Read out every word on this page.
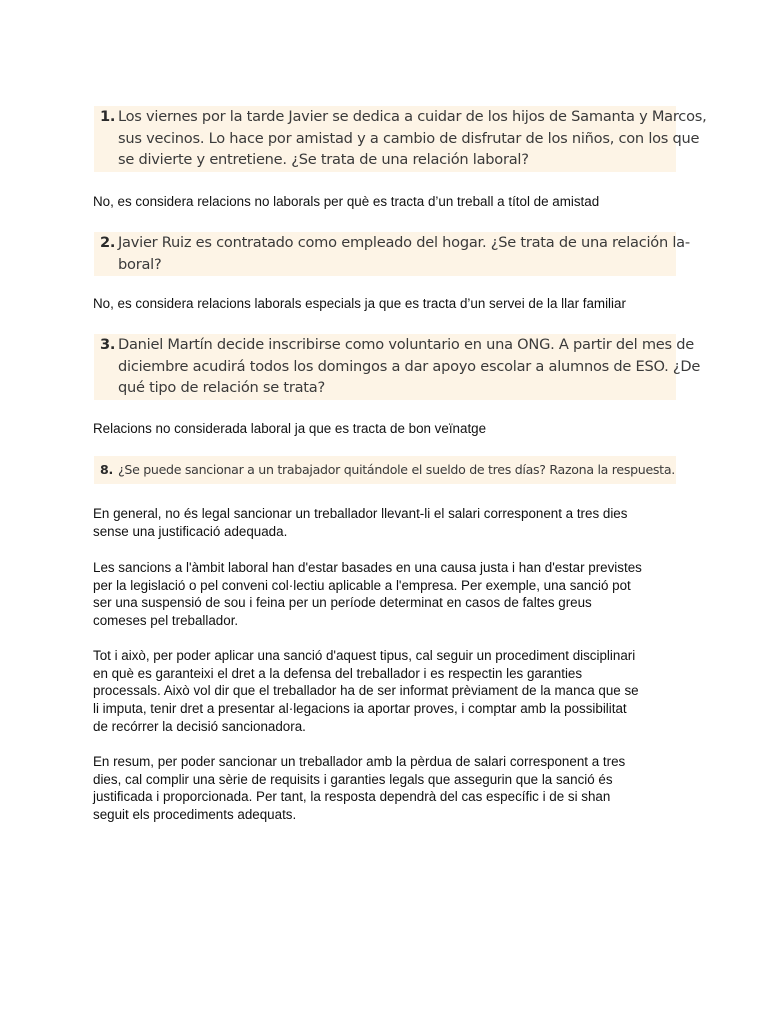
1. Los viernes por la tarde Javier se dedica a cuidar de los hijos de Samanta y Marcos,
sus vecinos. Lo hace por amistad y a cambio de disfrutar de los niños, con los que
se divierte y entretiene. ¿Se trata de una relación laboral?
No, es considera relacions no laborals per què es tracta d’un treball a títol de amistad
2. Javier Ruiz es contratado como empleado del hogar. ¿Se trata de una relación la-
boral?
No, es considera relacions laborals especials ja que es tracta d’un servei de la llar familiar
3. Daniel Martín decide inscribirse como voluntario en una ONG. A partir del mes de
diciembre acudirá todos los domingos a dar apoyo escolar a alumnos de ESO. ¿De
qué tipo de relación se trata?
Relacions no considerada laboral ja que es tracta de bon veïnatge
8. ¿Se puede sancionar a un trabajador quitándole el sueldo de tres días? Razona la respuesta.
En general, no és legal sancionar un treballador llevant-li el salari corresponent a tres dies
sense una justificació adequada.
Les sancions a l'àmbit laboral han d'estar basades en una causa justa i han d'estar previstes
per la legislació o pel conveni col·lectiu aplicable a l'empresa. Per exemple, una sanció pot
ser una suspensió de sou i feina per un període determinat en casos de faltes greus
comeses pel treballador.
Tot i això, per poder aplicar una sanció d'aquest tipus, cal seguir un procediment disciplinari
en què es garanteixi el dret a la defensa del treballador i es respectin les garanties
processals. Això vol dir que el treballador ha de ser informat prèviament de la manca que se
li imputa, tenir dret a presentar al·legacions ia aportar proves, i comptar amb la possibilitat
de recórrer la decisió sancionadora.
En resum, per poder sancionar un treballador amb la pèrdua de salari corresponent a tres
dies, cal complir una sèrie de requisits i garanties legals que assegurin que la sanció és
justificada i proporcionada. Per tant, la resposta dependrà del cas específic i de si shan
seguit els procediments adequats.
